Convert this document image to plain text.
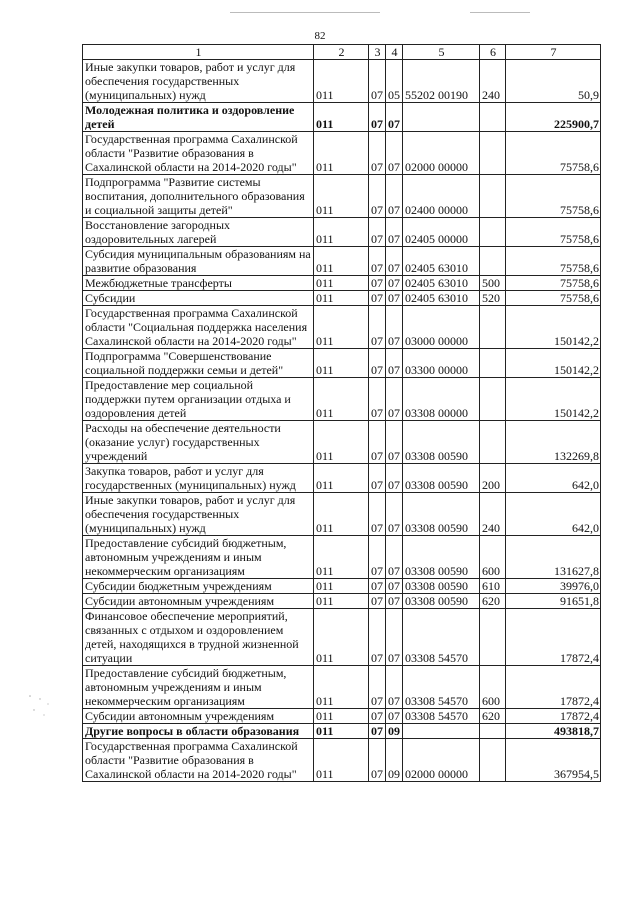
82
1	2	3	4	5	6	7
Иные закупки товаров, работ и услуг для обеспечения государственных (муниципальных) нужд	011	07	05	55202 00190	240	50,9
Молодежная политика и оздоровление детей	011	07	07			225900,7
Государственная программа Сахалинской области "Развитие образования в Сахалинской области на 2014-2020 годы"	011	07	07	02000 00000		75758,6
Подпрограмма "Развитие системы воспитания, дополнительного образования и социальной защиты детей"	011	07	07	02400 00000		75758,6
Восстановление загородных оздоровительных лагерей	011	07	07	02405 00000		75758,6
Субсидия муниципальным образованиям на развитие образования	011	07	07	02405 63010		75758,6
Межбюджетные трансферты	011	07	07	02405 63010	500	75758,6
Субсидии	011	07	07	02405 63010	520	75758,6
Государственная программа Сахалинской области "Социальная поддержка населения Сахалинской области на 2014-2020 годы"	011	07	07	03000 00000		150142,2
Подпрограмма "Совершенствование социальной поддержки семьи и детей"	011	07	07	03300 00000		150142,2
Предоставление мер социальной поддержки путем организации отдыха и оздоровления детей	011	07	07	03308 00000		150142,2
Расходы на обеспечение деятельности (оказание услуг) государственных учреждений	011	07	07	03308 00590		132269,8
Закупка товаров, работ и услуг для государственных (муниципальных) нужд	011	07	07	03308 00590	200	642,0
Иные закупки товаров, работ и услуг для обеспечения государственных (муниципальных) нужд	011	07	07	03308 00590	240	642,0
Предоставление субсидий бюджетным, автономным учреждениям и иным некоммерческим организациям	011	07	07	03308 00590	600	131627,8
Субсидии бюджетным учреждениям	011	07	07	03308 00590	610	39976,0
Субсидии автономным учреждениям	011	07	07	03308 00590	620	91651,8
Финансовое обеспечение мероприятий, связанных с отдыхом и оздоровлением детей, находящихся в трудной жизненной ситуации	011	07	07	03308 54570		17872,4
Предоставление субсидий бюджетным, автономным учреждениям и иным некоммерческим организациям	011	07	07	03308 54570	600	17872,4
Субсидии автономным учреждениям	011	07	07	03308 54570	620	17872,4
Другие вопросы в области образования	011	07	09			493818,7
Государственная программа Сахалинской области "Развитие образования в Сахалинской области на 2014-2020 годы"	011	07	09	02000 00000		367954,5
